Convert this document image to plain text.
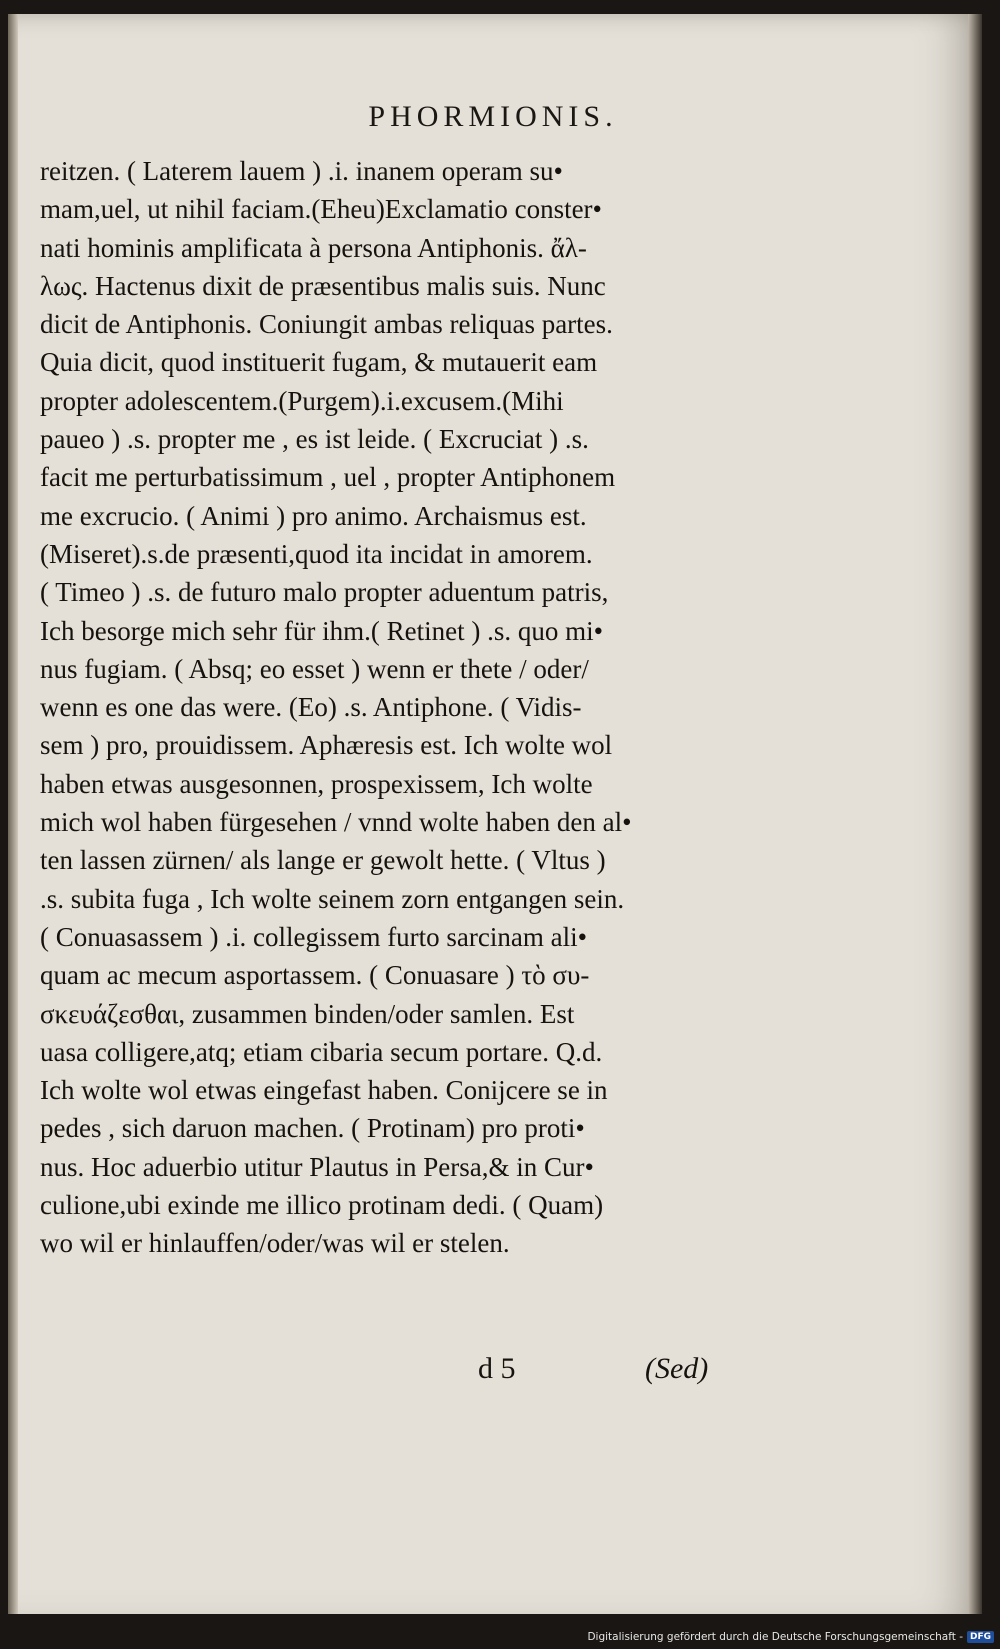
PHORMIONIS.
reitzen. ( Laterem lauem ) .i. inanem operam su•
mam,uel, ut nihil faciam.(Eheu)Exclamatio conster•
nati hominis amplificata à persona Antiphonis. ἄλ-
λως. Hactenus dixit de præsentibus malis suis. Nunc
dicit de Antiphonis. Coniungit ambas reliquas partes.
Quia dicit, quod instituerit fugam, & mutauerit eam
propter adolescentem.(Purgem).i.excusem.(Mihi
paueo ) .s. propter me , es ist leide. ( Excruciat ) .s.
facit me perturbatissimum , uel , propter Antiphonem
me excrucio. ( Animi ) pro animo. Archaismus est.
(Miseret).s.de præsenti,quod ita incidat in amorem.
( Timeo ) .s. de futuro malo propter aduentum patris,
Ich besorge mich sehr für ihm.( Retinet ) .s. quo mi•
nus fugiam. ( Absq; eo esset ) wenn er thete / oder/
wenn es one das were. (Eo) .s. Antiphone. ( Vidis-
sem ) pro, prouidissem. Aphæresis est. Ich wolte wol
haben etwas ausgesonnen, prospexissem, Ich wolte
mich wol haben fürgesehen / vnnd wolte haben den al•
ten lassen zürnen/ als lange er gewolt hette. ( Vltus )
.s. subita fuga , Ich wolte seinem zorn entgangen sein.
( Conuasassem ) .i. collegissem furto sarcinam ali•
quam ac mecum asportassem. ( Conuasare ) τὸ συ-
σκευάζεσθαι, zusammen binden/oder samlen. Est
uasa colligere,atq; etiam cibaria secum portare. Q.d.
Ich wolte wol etwas eingefast haben. Conijcere se in
pedes , sich daruon machen. ( Protinam) pro proti•
nus. Hoc aduerbio utitur Plautus in Persa,& in Cur•
culione,ubi exinde me illico protinam dedi. ( Quam)
wo wil er hinlauffen/oder/was wil er stelen.
d 5	(Sed)
Digitalisierung gefördert durch die Deutsche Forschungsgemeinschaft - DFG
